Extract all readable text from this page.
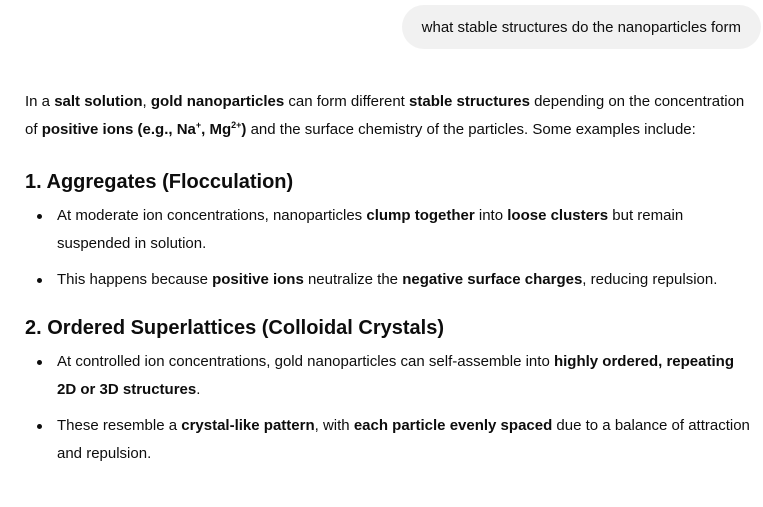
what stable structures do the nanoparticles form

In a salt solution, gold nanoparticles can form different stable structures depending on the concentration of positive ions (e.g., Na+, $Mg^{2+}$) and the surface chemistry of the particles. Some examples include:

1. Aggregates (Flocculation)
At moderate ion concentrations, nanoparticles clump together into loose clusters but remain suspended in solution.
This happens because positive ions neutralize the negative surface charges, reducing repulsion.
2. Ordered Superlattices (Colloidal Crystals)
At controlled ion concentrations, gold nanoparticles can self-assemble into highly ordered, repeating 2D or 3D structures.
These resemble a crystal-like pattern, with each particle evenly spaced due to a balance of attraction and repulsion.
